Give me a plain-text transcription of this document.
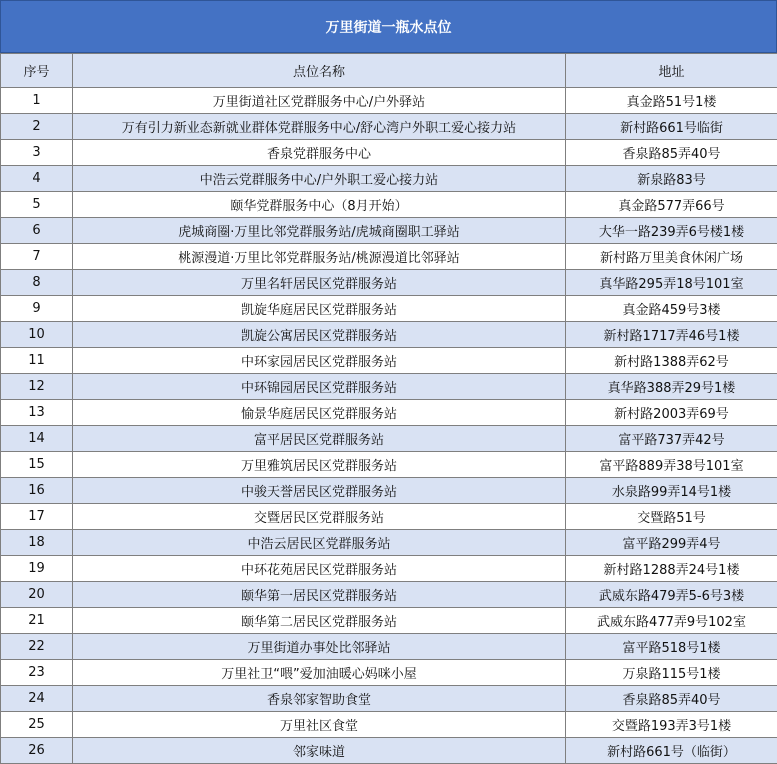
万里街道一瓶水点位
序号	点位名称	地址
1	万里街道社区党群服务中心/户外驿站	真金路51号1楼
2	万有引力新业态新就业群体党群服务中心/舒心湾户外职工爱心接力站	新村路661号临街
3	香泉党群服务中心	香泉路85弄40号
4	中浩云党群服务中心/户外职工爱心接力站	新泉路83号
5	颐华党群服务中心（8月开始）	真金路577弄66号
6	虎城商圈·万里比邻党群服务站/虎城商圈职工驿站	大华一路239弄6号楼1楼
7	桃源漫道·万里比邻党群服务站/桃源漫道比邻驿站	新村路万里美食休闲广场
8	万里名轩居民区党群服务站	真华路295弄18号101室
9	凯旋华庭居民区党群服务站	真金路459号3楼
10	凯旋公寓居民区党群服务站	新村路1717弄46号1楼
11	中环家园居民区党群服务站	新村路1388弄62号
12	中环锦园居民区党群服务站	真华路388弄29号1楼
13	愉景华庭居民区党群服务站	新村路2003弄69号
14	富平居民区党群服务站	富平路737弄42号
15	万里雅筑居民区党群服务站	富平路889弄38号101室
16	中骏天誉居民区党群服务站	水泉路99弄14号1楼
17	交暨居民区党群服务站	交暨路51号
18	中浩云居民区党群服务站	富平路299弄4号
19	中环花苑居民区党群服务站	新村路1288弄24号1楼
20	颐华第一居民区党群服务站	武威东路479弄5-6号3楼
21	颐华第二居民区党群服务站	武威东路477弄9号102室
22	万里街道办事处比邻驿站	富平路518号1楼
23	万里社卫“喂”爱加油暖心妈咪小屋	万泉路115号1楼
24	香泉邻家智助食堂	香泉路85弄40号
25	万里社区食堂	交暨路193弄3号1楼
26	邻家味道	新村路661号（临街）
